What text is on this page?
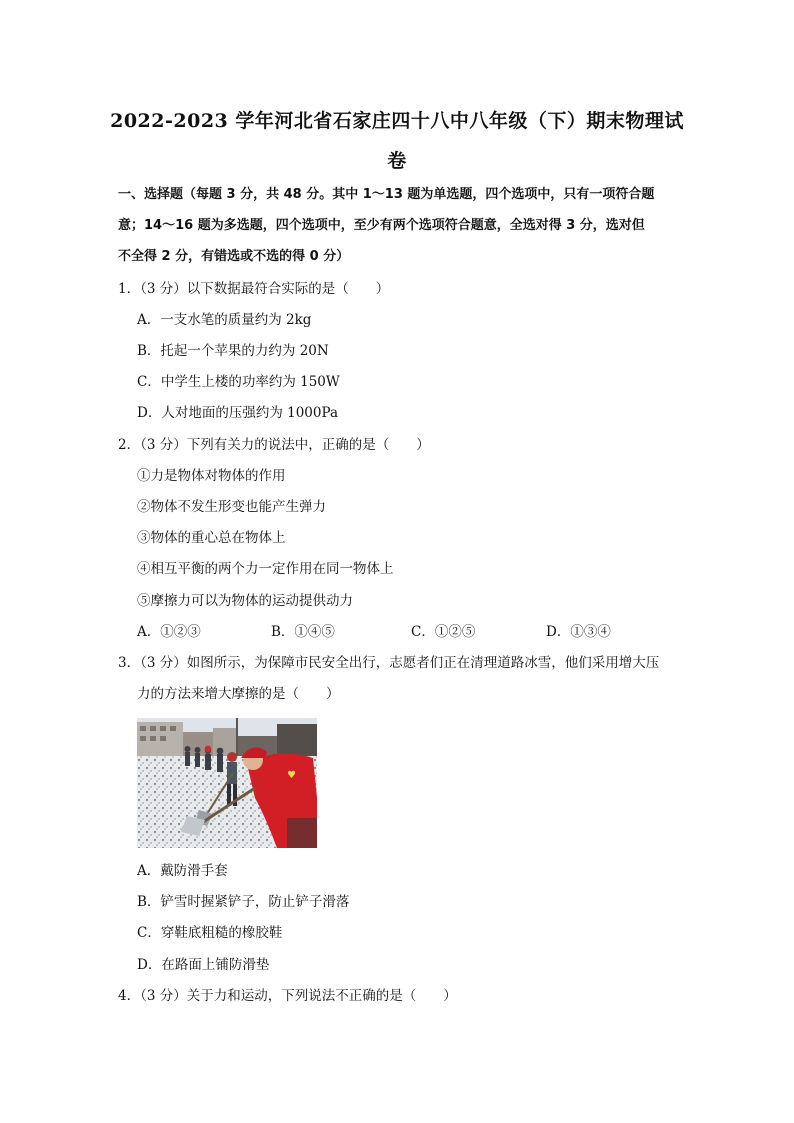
2022-2023 学年河北省石家庄四十八中八年级（下）期末物理试
卷
一、选择题（每题 3 分，共 48 分。其中 1～13 题为单选题，四个选项中，只有一项符合题
意；14～16 题为多选题，四个选项中，至少有两个选项符合题意，全选对得 3 分，选对但
不全得 2 分，有错选或不选的得 0 分）
1．（3 分）以下数据最符合实际的是（　　）
A．一支水笔的质量约为 2kg
B．托起一个苹果的力约为 20N
C．中学生上楼的功率约为 150W
D．人对地面的压强约为 1000Pa
2．（3 分）下列有关力的说法中，正确的是（　　）
①力是物体对物体的作用
②物体不发生形变也能产生弹力
③物体的重心总在物体上
④相互平衡的两个力一定作用在同一物体上
⑤摩擦力可以为物体的运动提供动力
A．①②③	B．①④⑤	C．①②⑤	D．①③④
3．（3 分）如图所示，为保障市民安全出行，志愿者们正在清理道路冰雪，他们采用增大压
力的方法来增大摩擦的是（　　）
♥
A．戴防滑手套
B．铲雪时握紧铲子，防止铲子滑落
C．穿鞋底粗糙的橡胶鞋
D．在路面上铺防滑垫
4．（3 分）关于力和运动，下列说法不正确的是（　　）
